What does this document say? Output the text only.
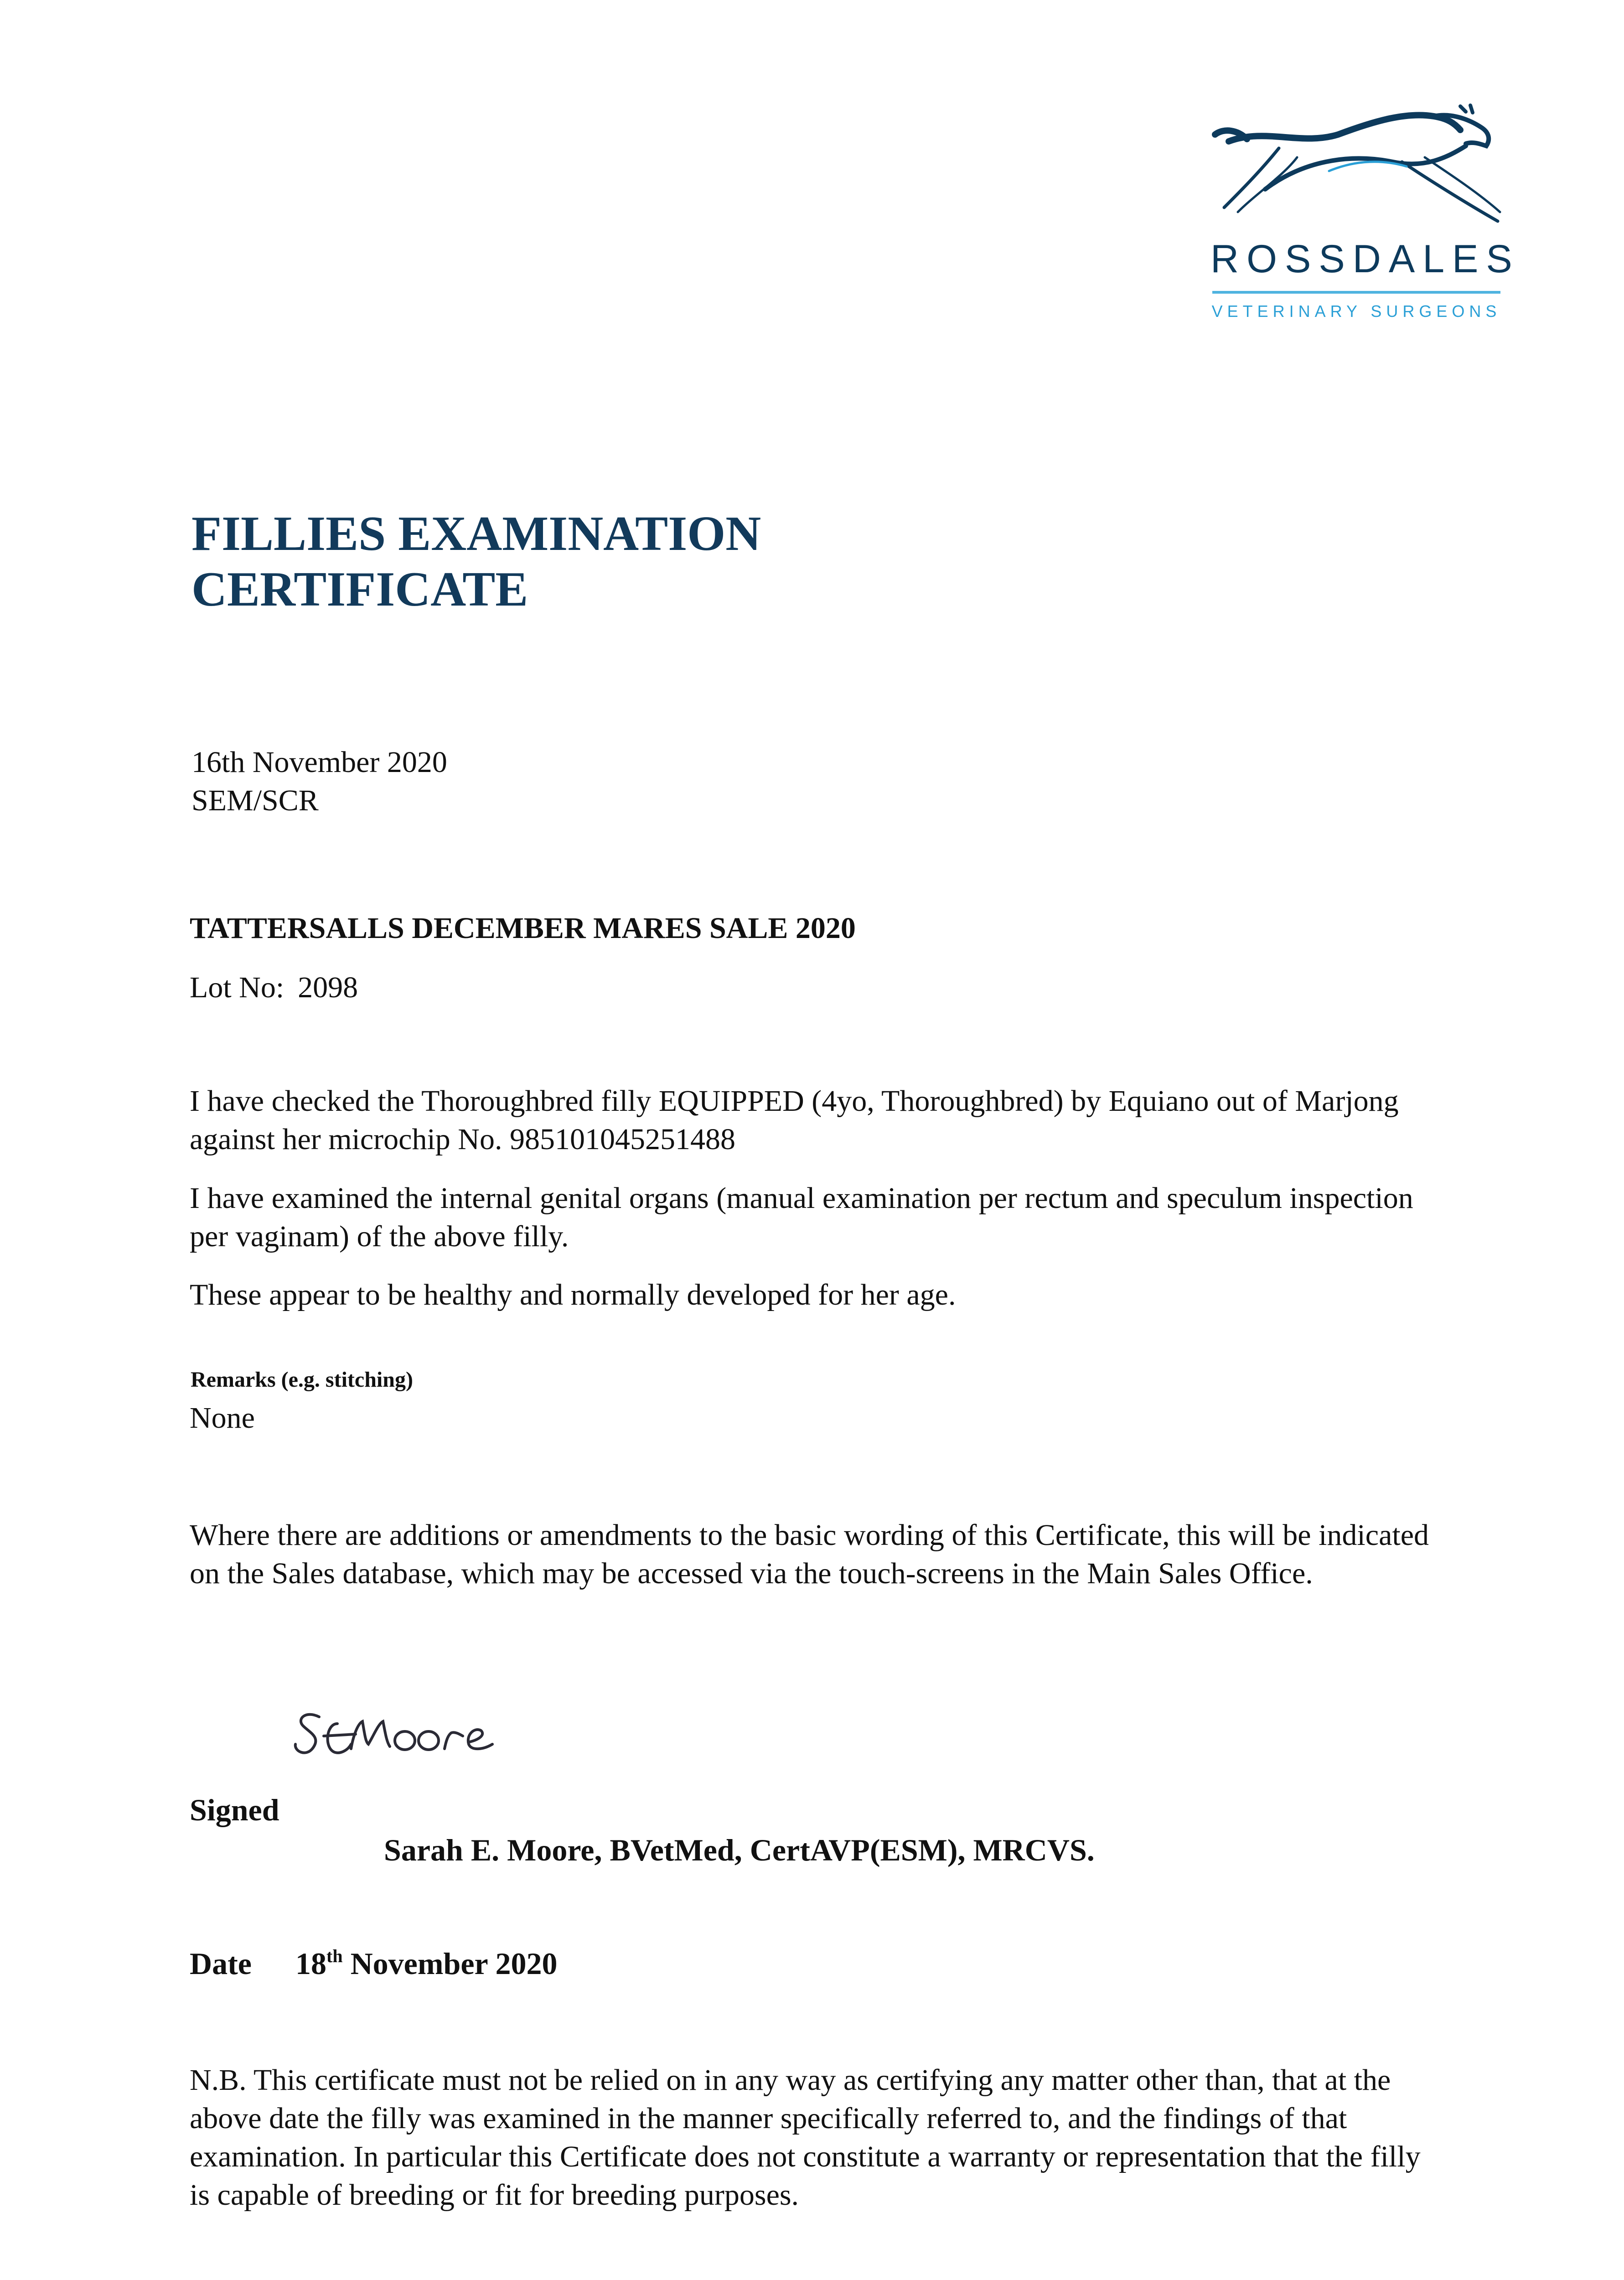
ROSSDALES
VETERINARY SURGEONS
FILLIES EXAMINATION
CERTIFICATE
16th November 2020
SEM/SCR
TATTERSALLS DECEMBER MARES SALE 2020
Lot No: 2098
I have checked the Thoroughbred filly EQUIPPED (4yo, Thoroughbred) by Equiano out of Marjong against her microchip No. 985101045251488
I have examined the internal genital organs (manual examination per rectum and speculum inspection per vaginam) of the above filly.
These appear to be healthy and normally developed for her age.
Remarks (e.g. stitching)
None
Where there are additions or amendments to the basic wording of this Certificate, this will be indicated on the Sales database, which may be accessed via the touch-screens in the Main Sales Office.
Signed
Sarah E. Moore, BVetMed, CertAVP(ESM), MRCVS.
Date 18th November 2020
N.B. This certificate must not be relied on in any way as certifying any matter other than, that at the above date the filly was examined in the manner specifically referred to, and the findings of that examination. In particular this Certificate does not constitute a warranty or representation that the filly is capable of breeding or fit for breeding purposes.
